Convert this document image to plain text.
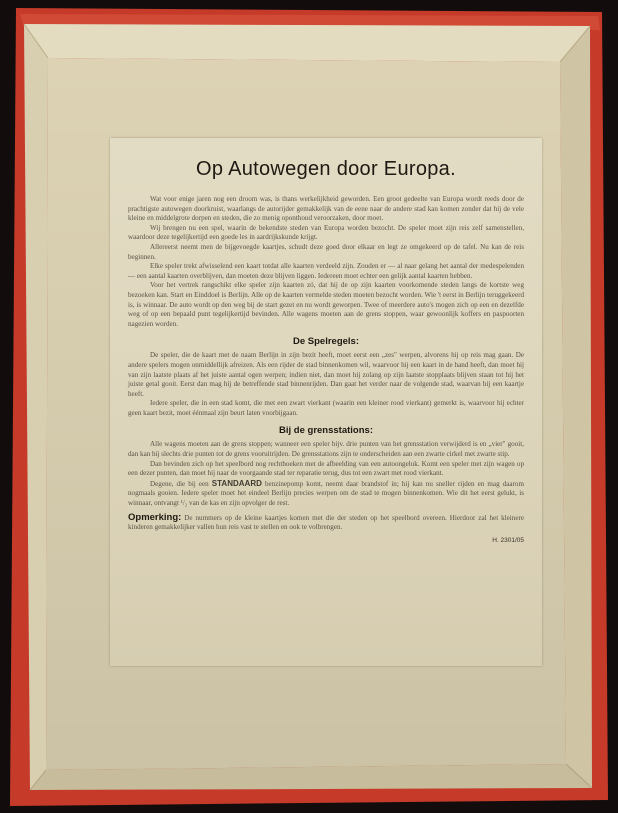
Op Autowegen door Europa.

Wat voor enige jaren nog een droom was, is thans werkelijkheid geworden. Een groot gedeelte van Europa wordt reeds door de prachtigste autowegen doorkruist, waarlangs de autorijder gemakkelijk van de eene naar de andere stad kan komen zonder dat hij de vele kleine en middelgrote dorpen en steden, die zo menig oponthoud veroorzaken, door moet.

Wij brengen nu een spel, waarin de bekendste steden van Europa worden bezocht. De speler moet zijn reis zelf samenstellen, waardoor deze tegelijkertijd een goede les in aardrijkskunde krijgt.

Allereerst neemt men de bijgevoegde kaartjes, schudt deze goed door elkaar en legt ze omgekeerd op de tafel. Nu kan de reis beginnen.

Elke speler trekt afwisselend een kaart totdat alle kaarten verdeeld zijn. Zouden er — al naar gelang het aantal der medespelenden — een aantal kaarten overblijven, dan moeten deze blijven liggen. Iedereen moet echter een gelijk aantal kaarten hebben.

Voor het vertrek rangschikt elke speler zijn kaarten zó, dat hij de op zijn kaarten voorkomende steden langs de kortste weg bezoeken kan. Start en Einddoel is Berlijn. Alle op de kaarten vermelde steden moeten bezocht worden. Wie 't eerst in Berlijn teruggekeerd is, is winnaar. De auto wordt op den weg bij de start gezet en nu wordt geworpen. Twee of meerdere auto's mogen zich op een en dezelfde weg of op een bepaald punt tegelijkertijd bevinden. Alle wagens moeten aan de grens stoppen, waar gewoonlijk koffers en paspoorten nagezien worden.

De Spelregels:

De speler, die de kaart met de naam Berlijn in zijn bezit heeft, moet eerst een „zes" werpen, alvorens hij op reis mag gaan. De andere spelers mogen onmiddellijk afreizen. Als een rijder de stad binnenkomen wil, waarvoor hij een kaart in de hand heeft, dan moet hij van zijn laatste plaats af het juiste aantal ogen werpen; indien niet, dan moet hij zolang op zijn laatste stopplaats blijven staan tot hij het juiste getal gooit. Eerst dan mag hij de betreffende stad binnenrijden. Dan gaat het verder naar de volgende stad, waarvan hij een kaartje heeft.

Iedere speler, die in een stad komt, die met een zwart vierkant (waarin een kleiner rood vierkant) gemerkt is, waarvoor hij echter geen kaart bezit, moet éénmaal zijn beurt laten voorbijgaan.

Bij de grensstations:

Alle wagens moeten aan de grens stoppen; wanneer een speler bijv. drie punten van het grensstation verwijderd is en „vier" gooit, dan kan hij slechts drie punten tot de grens vooruitrijden. De grensstations zijn te onderscheiden aan een zwarte cirkel met zwarte stip.

Dan bevinden zich op het speelbord nog rechthoeken met de afbeelding van een autoongeluk. Komt een speler met zijn wagen op een dezer punten, dan moet hij naar de voorgaande stad ter reparatie terug, dus tot een zwart met rood vierkant.

Degene, die bij een STANDAARD benzinepomp komt, neemt daar brandstof in; hij kan nu sneller rijden en mag daarom nogmaals gooien. Iedere speler moet het eindeel Berlijn precies werpen om de stad te mogen binnenkomen. Wie dit het eerst gelukt, is winnaar, ontvangt ¹/₂ van de kas en zijn opvolger de rest.

Opmerking: De nummers op de kleine kaartjes komen met die der steden op het speelbord overeen. Hierdoor zal het kleinere kinderen gemakkelijker vallen hun reis vast te stellen en ook te volbrengen.

H. 2301/05
